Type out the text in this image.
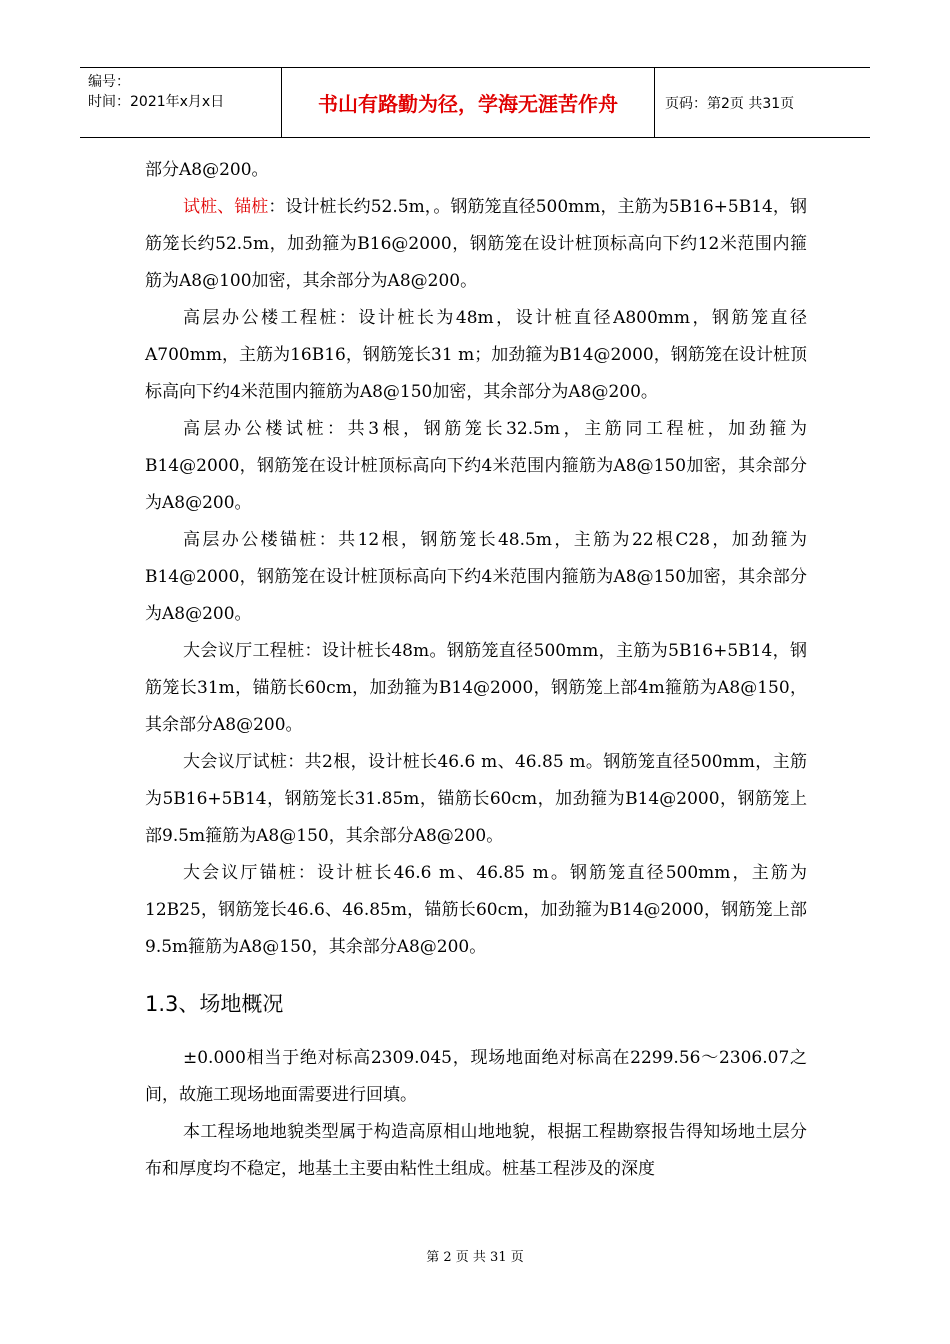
编号：
时间：2021年x月x日	书山有路勤为径，学海无涯苦作舟	页码：第2页 共31页

部分A8@200。

试桩、锚桩：设计桩长约52.5m，。钢筋笼直径500mm，主筋为5B16+5B14，钢筋笼长约52.5m，加劲箍为B16@2000，钢筋笼在设计桩顶标高向下约12米范围内箍筋为A8@100加密，其余部分为A8@200。

高层办公楼工程桩：设计桩长为48m，设计桩直径A800mm，钢筋笼直径A700mm，主筋为16B16，钢筋笼长31 m；加劲箍为B14@2000，钢筋笼在设计桩顶标高向下约4米范围内箍筋为A8@150加密，其余部分为A8@200。

高层办公楼试桩：共3根，钢筋笼长32.5m，主筋同工程桩，加劲箍为B14@2000，钢筋笼在设计桩顶标高向下约4米范围内箍筋为A8@150加密，其余部分为A8@200。

高层办公楼锚桩：共12根，钢筋笼长48.5m，主筋为22根C28，加劲箍为B14@2000，钢筋笼在设计桩顶标高向下约4米范围内箍筋为A8@150加密，其余部分为A8@200。

大会议厅工程桩：设计桩长48m。钢筋笼直径500mm，主筋为5B16+5B14，钢筋笼长31m，锚筋长60cm，加劲箍为B14@2000，钢筋笼上部4m箍筋为A8@150，其余部分A8@200。

大会议厅试桩：共2根，设计桩长46.6 m、46.85 m。钢筋笼直径500mm，主筋为5B16+5B14，钢筋笼长31.85m，锚筋长60cm，加劲箍为B14@2000，钢筋笼上部9.5m箍筋为A8@150，其余部分A8@200。

大会议厅锚桩：设计桩长46.6 m、46.85 m。钢筋笼直径500mm，主筋为12B25，钢筋笼长46.6、46.85m，锚筋长60cm，加劲箍为B14@2000，钢筋笼上部9.5m箍筋为A8@150，其余部分A8@200。

1.3、场地概况

±0.000相当于绝对标高2309.045，现场地面绝对标高在2299.56～2306.07之间，故施工现场地面需要进行回填。

本工程场地地貌类型属于构造高原相山地地貌，根据工程勘察报告得知场地土层分布和厚度均不稳定，地基土主要由粘性土组成。桩基工程涉及的深度

第 2 页 共 31 页
